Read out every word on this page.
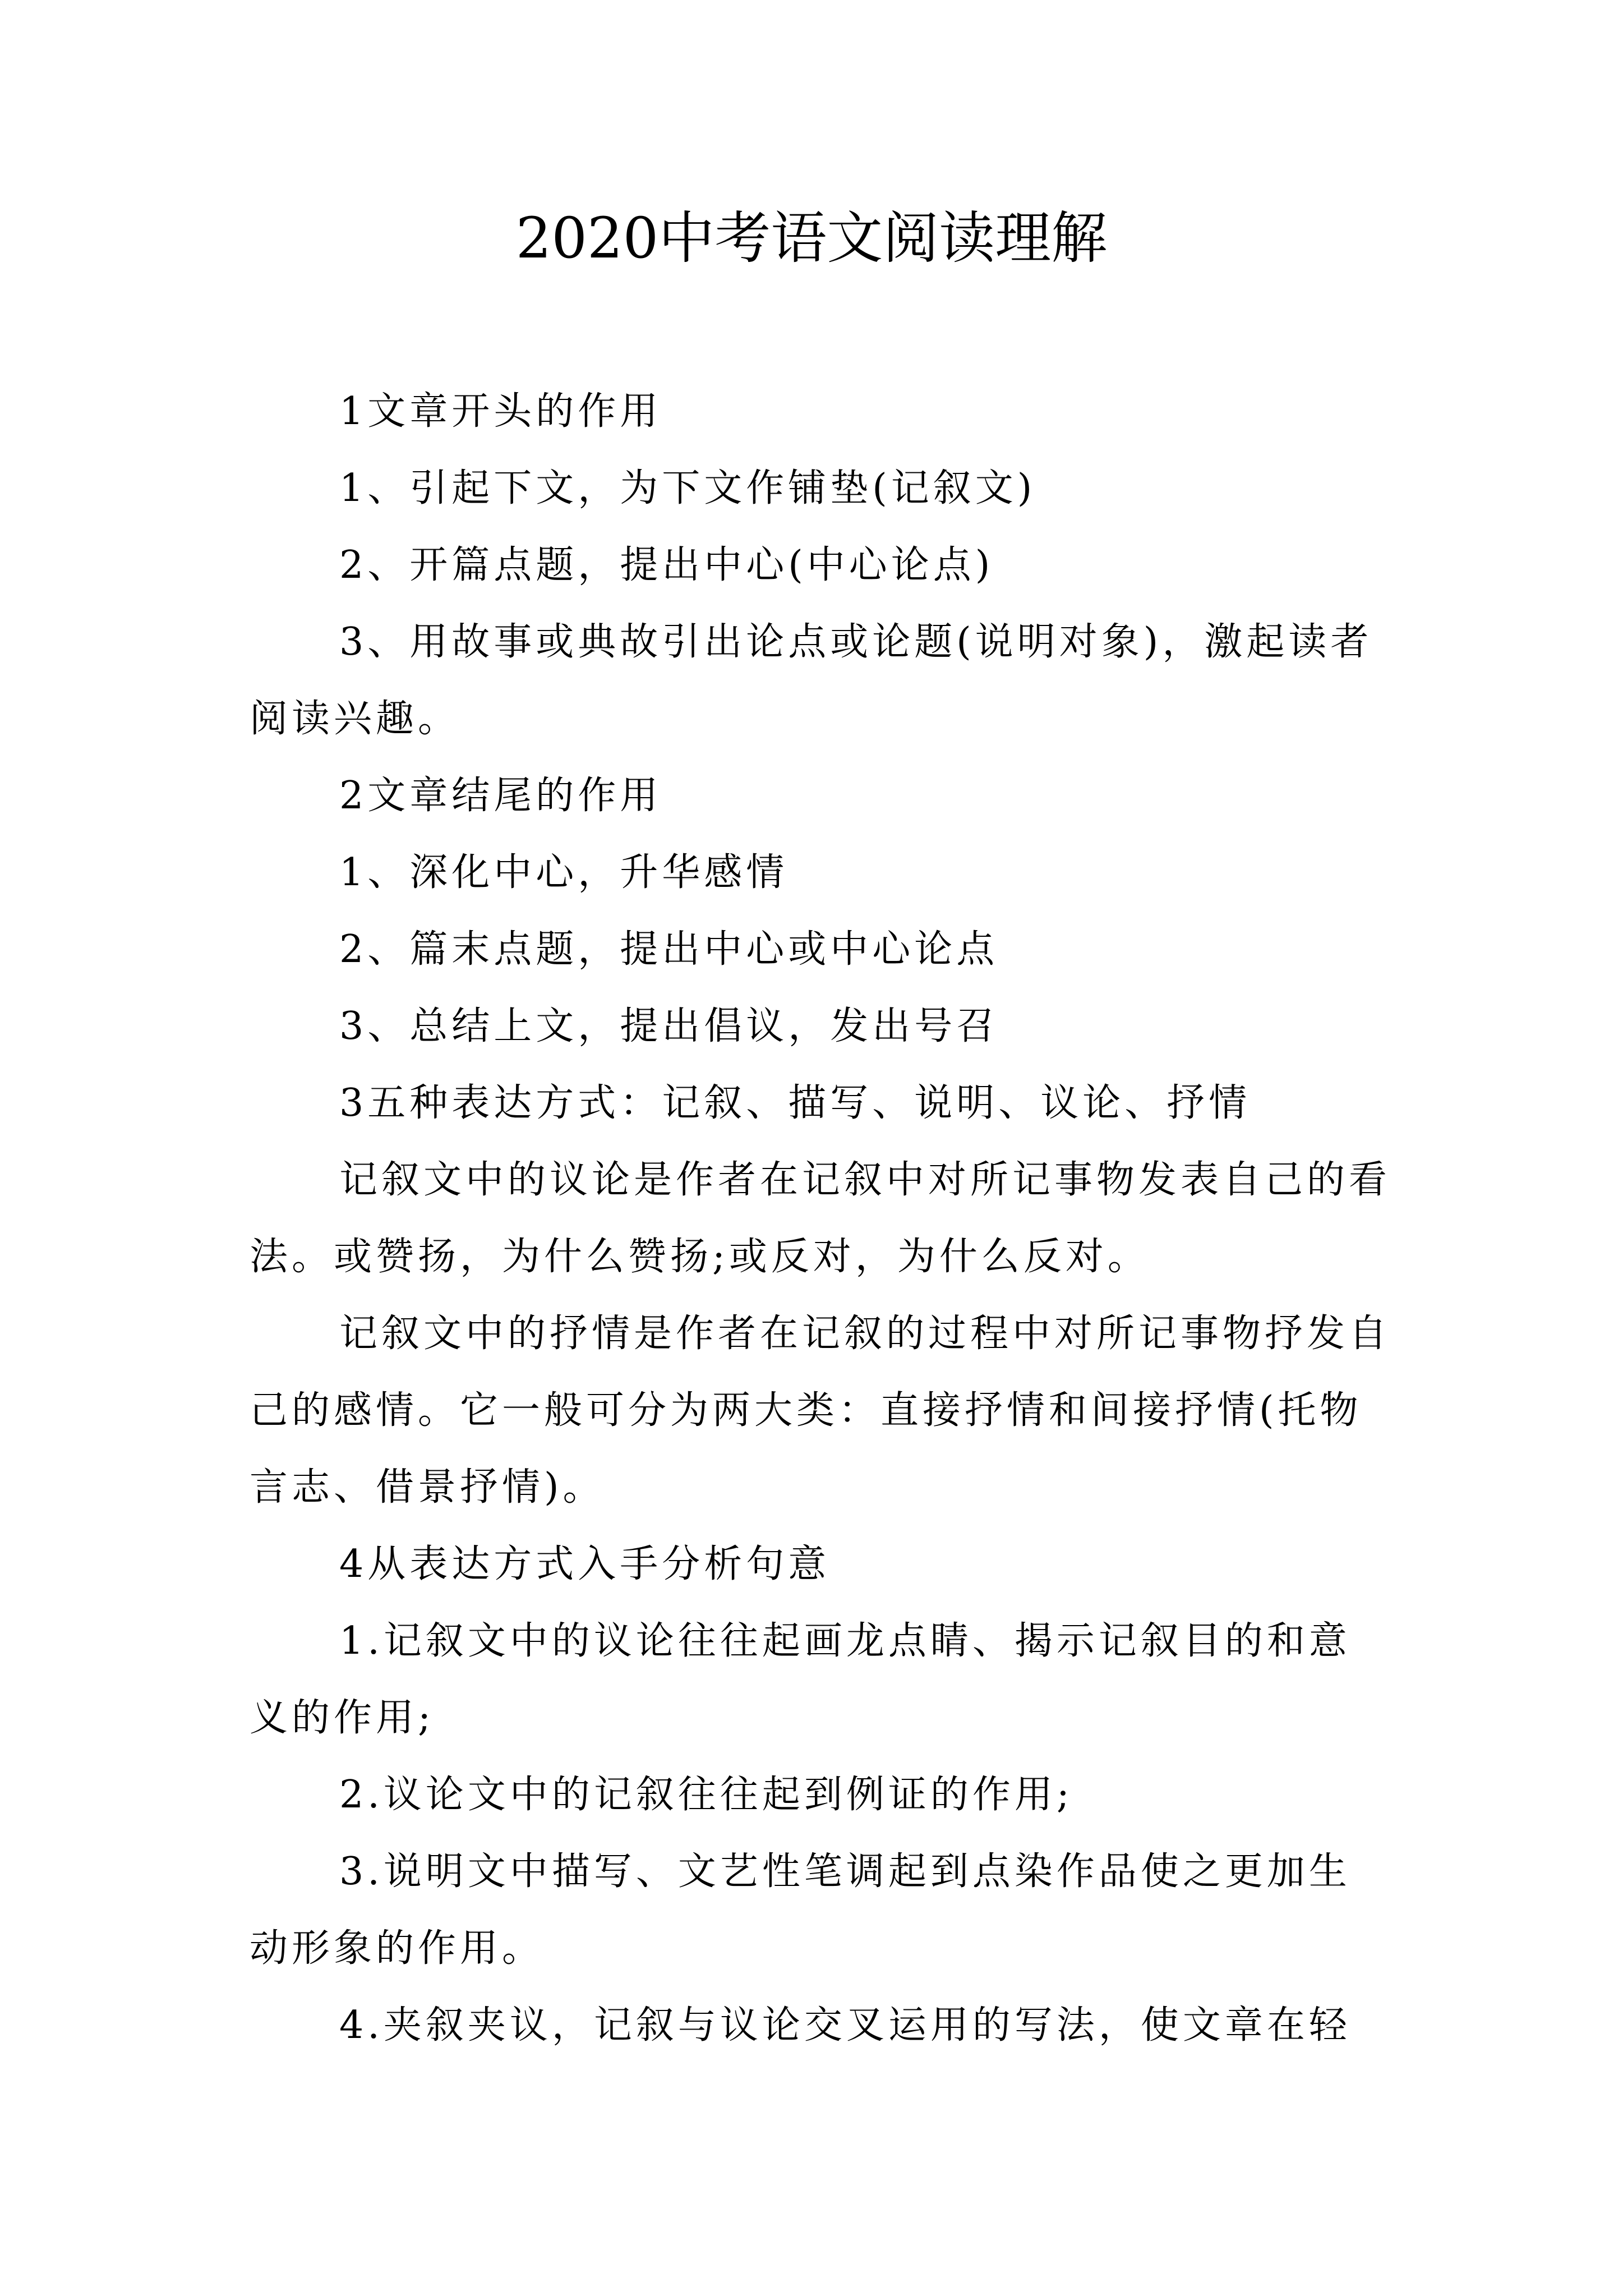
2020中考语文阅读理解

1文章开头的作用

1、引起下文，为下文作铺垫(记叙文)

2、开篇点题，提出中心(中心论点)

3、用故事或典故引出论点或论题(说明对象)，激起读者阅读兴趣。

2文章结尾的作用

1、深化中心，升华感情

2、篇末点题，提出中心或中心论点

3、总结上文，提出倡议，发出号召

3五种表达方式：记叙、描写、说明、议论、抒情

记叙文中的议论是作者在记叙中对所记事物发表自己的看法。或赞扬，为什么赞扬;或反对，为什么反对。

记叙文中的抒情是作者在记叙的过程中对所记事物抒发自己的感情。它一般可分为两大类：直接抒情和间接抒情(托物言志、借景抒情)。

4从表达方式入手分析句意

1.记叙文中的议论往往起画龙点睛、揭示记叙目的和意义的作用;

2.议论文中的记叙往往起到例证的作用;

3.说明文中描写、文艺性笔调起到点染作品使之更加生动形象的作用。

4.夹叙夹议，记叙与议论交叉运用的写法，使文章在轻
